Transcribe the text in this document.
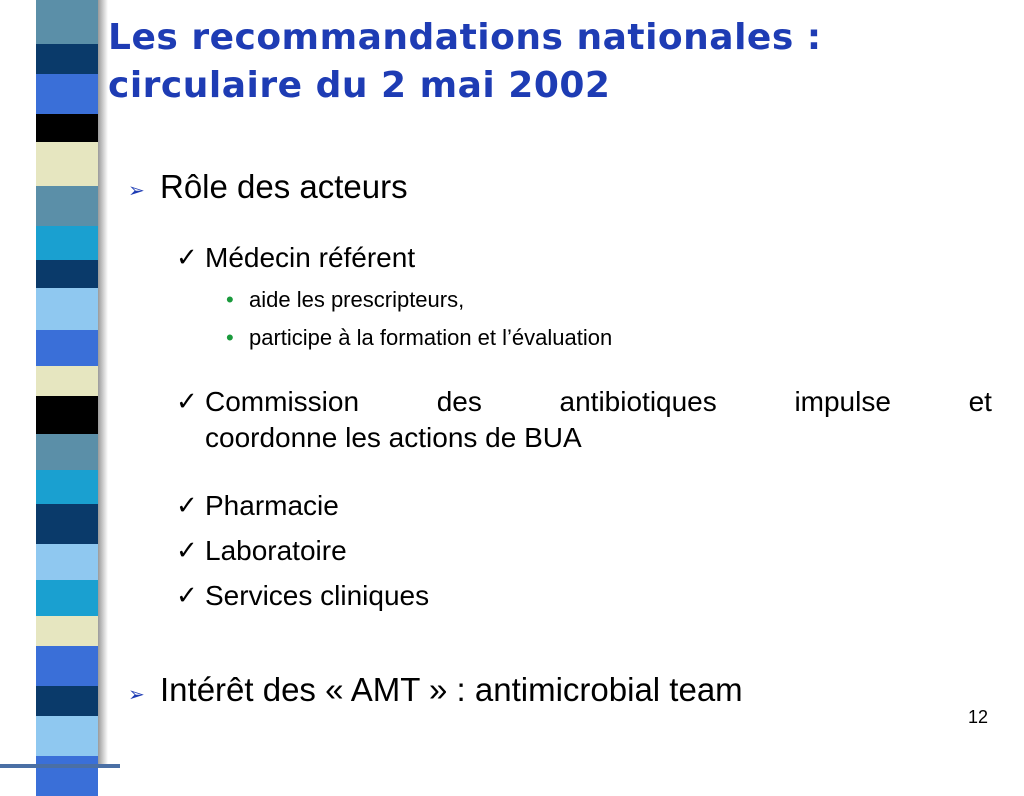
Les recommandations nationales :
circulaire du 2 mai 2002
➢ Rôle des acteurs
✓ Médecin référent
• aide les prescripteurs,
• participe à la formation et l’évaluation
✓ Commission	des	antibiotiques	impulse	et
coordonne les actions de BUA
✓ Pharmacie
✓ Laboratoire
✓ Services cliniques
➢ Intérêt des « AMT » : antimicrobial team
12
